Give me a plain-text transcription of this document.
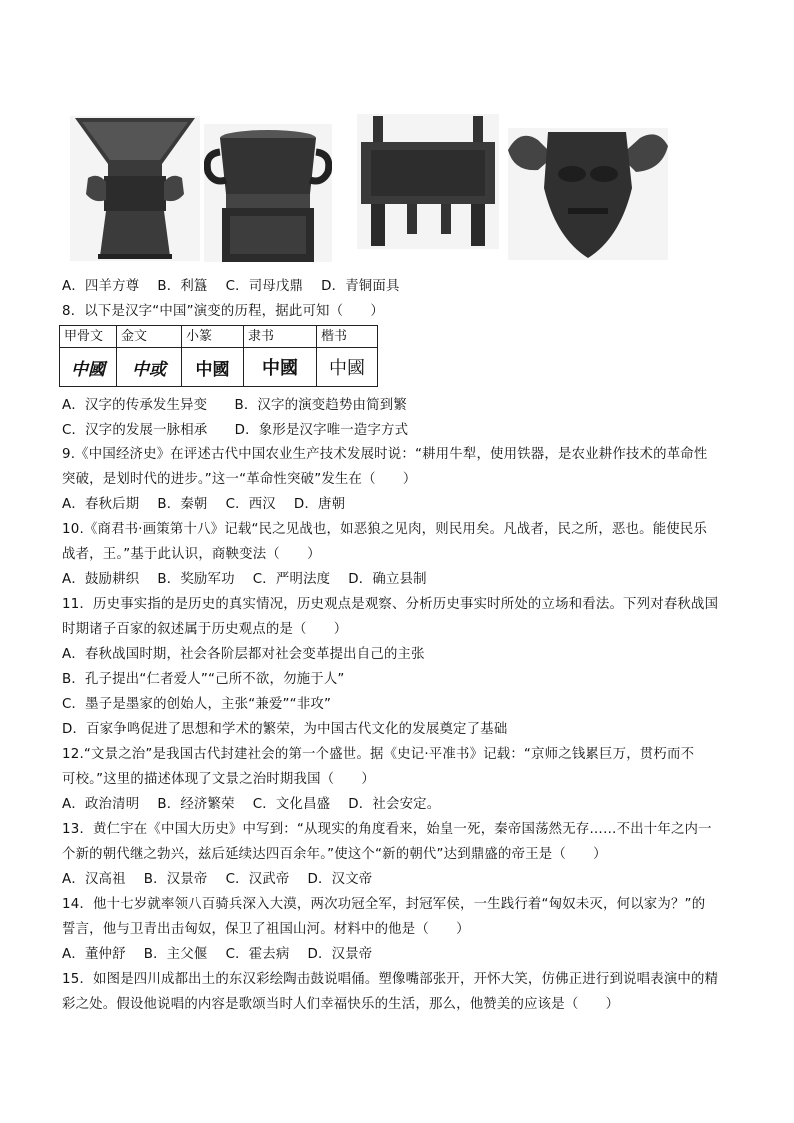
A．四羊方尊　 B．利簋　 C．司母戊鼎　 D．青铜面具
8．以下是汉字“中国”演变的历程，据此可知（　　）
甲骨文	金文	小篆	隶书	楷书
中國	中或	中國	中國	中國
A．汉字的传承发生异变　　B．汉字的演变趋势由简到繁
C．汉字的发展一脉相承　　D．象形是汉字唯一造字方式
9.《中国经济史》在评述古代中国农业生产技术发展时说：“耕用牛犁，使用铁器，是农业耕作技术的革命性
突破，是划时代的进步。”这一“革命性突破”发生在（　　）
A．春秋后期　 B．秦朝　 C．西汉　 D．唐朝
10.《商君书·画策第十八》记载“民之见战也，如恶狼之见肉，则民用矣。凡战者，民之所，恶也。能使民乐
战者，王。”基于此认识，商鞅变法（　　）
A．鼓励耕织　 B．奖励军功　 C．严明法度　 D．确立县制
11．历史事实指的是历史的真实情况，历史观点是观察、分析历史事实时所处的立场和看法。下列对春秋战国
时期诸子百家的叙述属于历史观点的是（　　）
A．春秋战国时期，社会各阶层都对社会变革提出自己的主张
B．孔子提出“仁者爱人”“己所不欲，勿施于人”
C．墨子是墨家的创始人，主张“兼爱”“非攻”
D．百家争鸣促进了思想和学术的繁荣，为中国古代文化的发展奠定了基础
12.“文景之治”是我国古代封建社会的第一个盛世。据《史记·平准书》记载：“京师之钱累巨万，贯朽而不
可校。”这里的描述体现了文景之治时期我国（　　）
A．政治清明　 B．经济繁荣　 C．文化昌盛　 D．社会安定。
13．黄仁宇在《中国大历史》中写到：“从现实的角度看来，始皇一死，秦帝国荡然无存……不出十年之内一
个新的朝代继之勃兴，兹后延续达四百余年。”使这个“新的朝代”达到鼎盛的帝王是（　　）
A．汉高祖　 B．汉景帝　 C．汉武帝　 D．汉文帝
14．他十七岁就率领八百骑兵深入大漠，两次功冠全军，封冠军侯，一生践行着“匈奴未灭，何以家为？”的
誓言，他与卫青出击匈奴，保卫了祖国山河。材料中的他是（　　）
A．董仲舒　 B．主父偃　 C．霍去病　 D．汉景帝
15．如图是四川成都出土的东汉彩绘陶击鼓说唱俑。塑像嘴部张开，开怀大笑，仿佛正进行到说唱表演中的精
彩之处。假设他说唱的内容是歌颂当时人们幸福快乐的生活，那么，他赞美的应该是（　　）
